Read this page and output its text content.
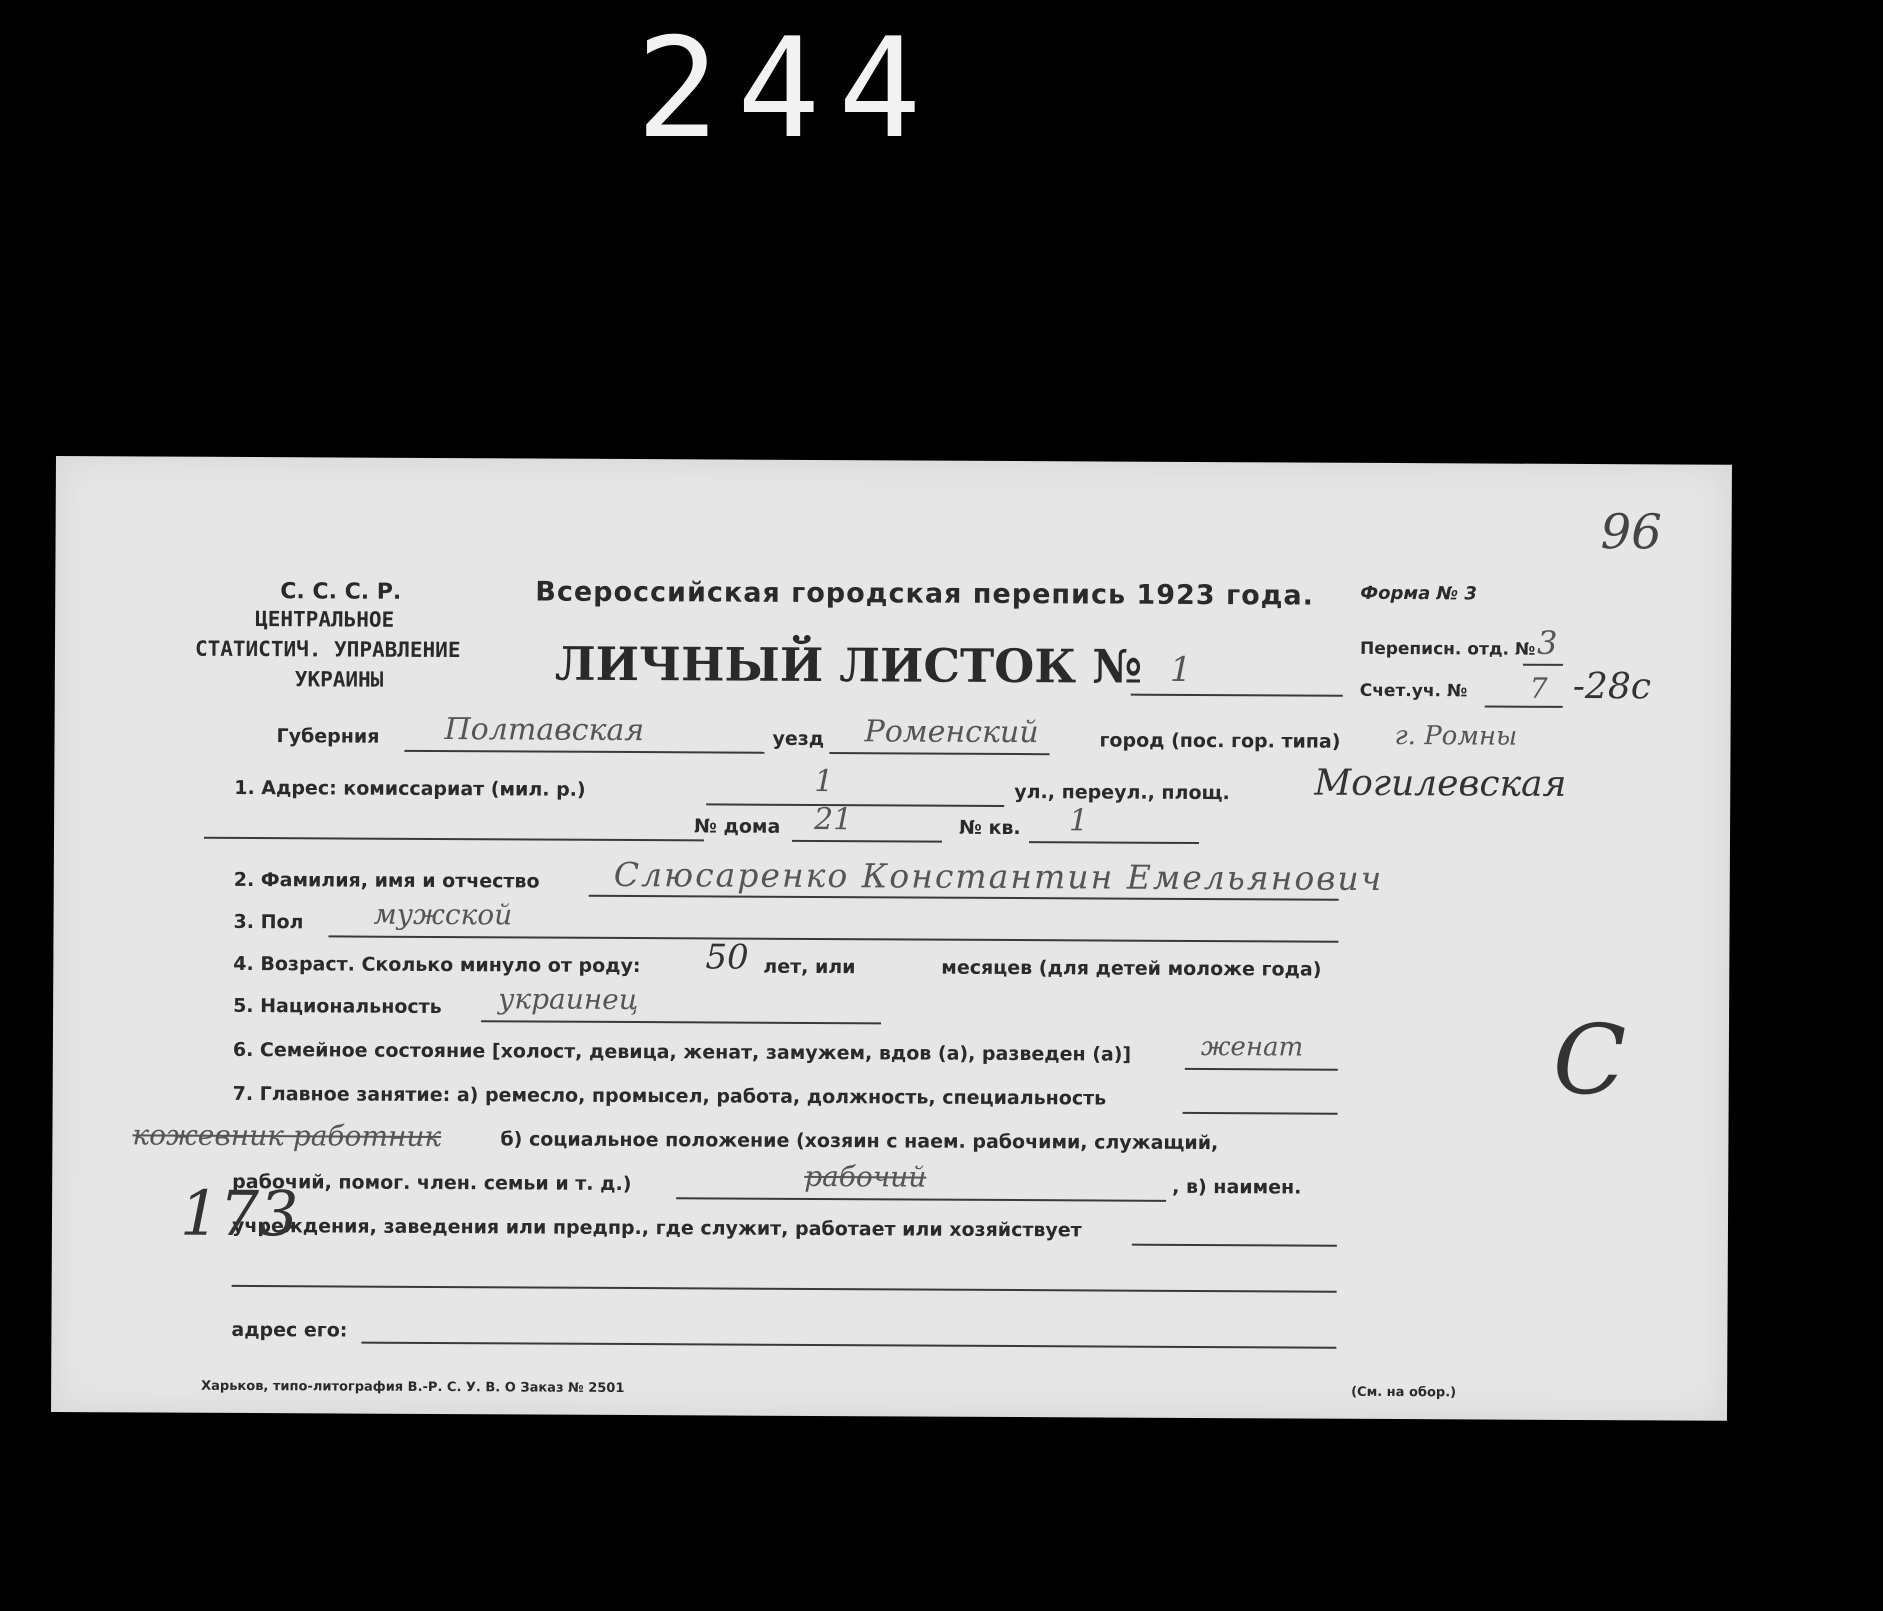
244
96
С. С. С. Р.
ЦЕНТРАЛЬНОЕ
СТАТИСТИЧ. УПРАВЛЕНИЕ
УКРАИНЫ
Всероссийская городская перепись 1923 года.	Форма № 3
ЛИЧНЫЙ ЛИСТОК № 1
Переписн. отд. № 3
Счет.уч. № 7 -28с
Губерния Полтавская	уезд Роменский	город (пос. гор. типа) г. Ромны
1. Адрес: комиссариат (мил. р.)	1	ул., переул., площ. Могилевская
№ дома 21	№ кв. 1
2. Фамилия, имя и отчество Слюсаренко Константин Емельянович
3. Пол мужской
4. Возраст. Сколько минуло от роду: 50 лет, или	месяцев (для детей моложе года)
5. Национальность украинец
6. Семейное состояние [холост, девица, женат, замужем, вдов (а), разведен (а)]	женат
7. Главное занятие: а) ремесло, промысел, работа, должность, специальность
кожевник работник	б) социальное положение (хозяин с наем. рабочими, служащий,
рабочий, помог. член. семьи и т. д.)	рабочий	, в) наимен.
учреждения, заведения или предпр., где служит, работает или хозяйствует
адрес его:
173
С
Харьков, типо-литография В.-Р. С. У. В. О Заказ № 2501	(См. на обор.)
